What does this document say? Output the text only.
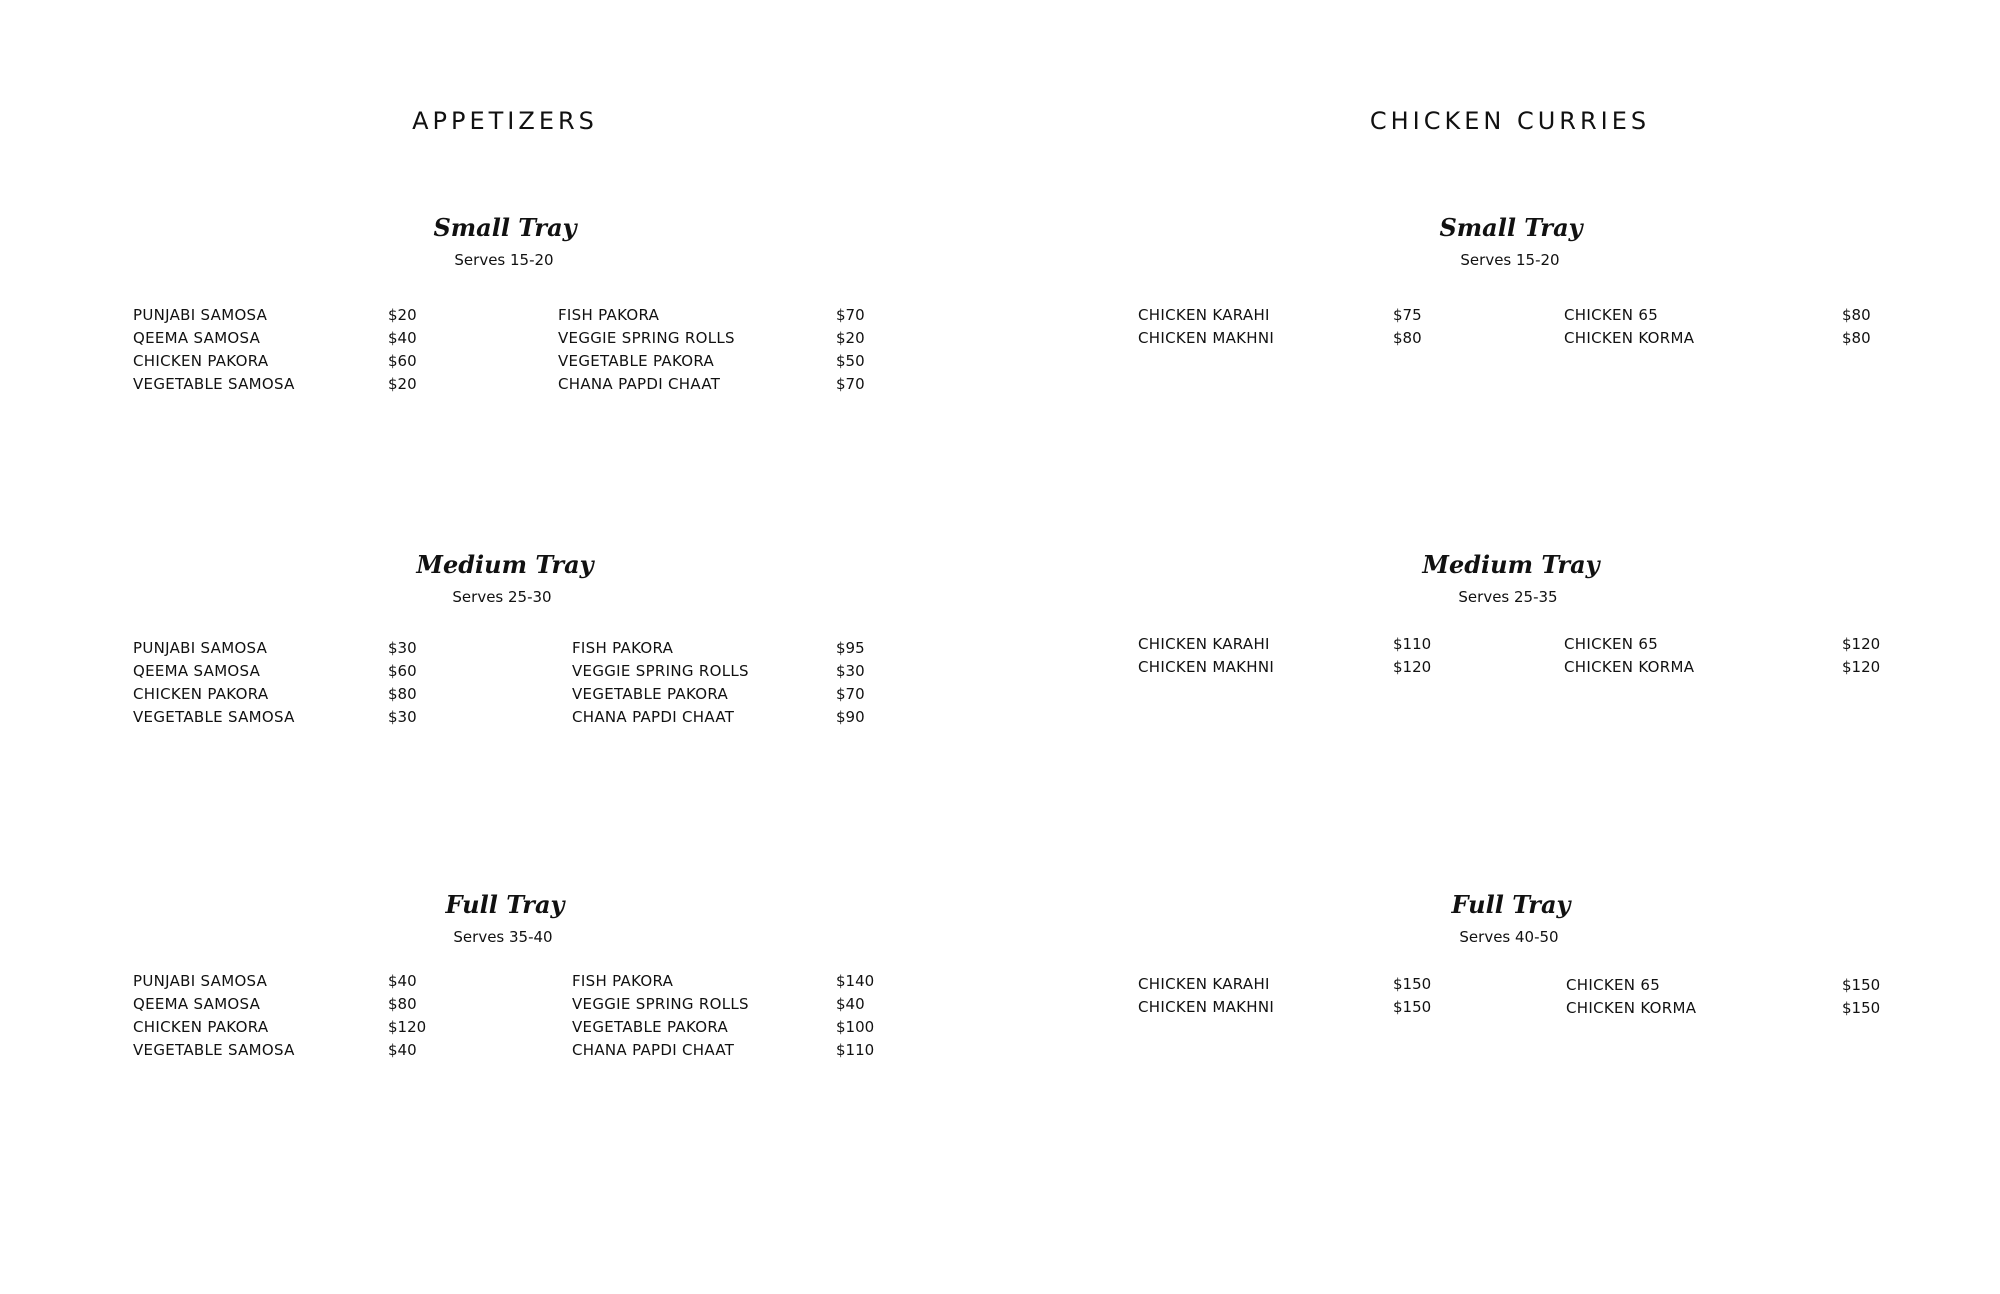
APPETIZERS
Small Tray

Serves 15-20

PUNJABI SAMOSA
QEEMA SAMOSA
CHICKEN PAKORA
VEGETABLE SAMOSA
$20
$40
$60
$20
FISH PAKORA
VEGGIE SPRING ROLLS
VEGETABLE PAKORA
CHANA PAPDI CHAAT
$70
$20
$50
$70
Medium Tray

Serves 25-30

PUNJABI SAMOSA
QEEMA SAMOSA
CHICKEN PAKORA
VEGETABLE SAMOSA
$30
$60
$80
$30
FISH PAKORA
VEGGIE SPRING ROLLS
VEGETABLE PAKORA
CHANA PAPDI CHAAT
$95
$30
$70
$90
Full Tray

Serves 35-40

PUNJABI SAMOSA
QEEMA SAMOSA
CHICKEN PAKORA
VEGETABLE SAMOSA
$40
$80
$120
$40
FISH PAKORA
VEGGIE SPRING ROLLS
VEGETABLE PAKORA
CHANA PAPDI CHAAT
$140
$40
$100
$110
CHICKEN CURRIES
Small Tray

Serves 15-20

CHICKEN KARAHI
CHICKEN MAKHNI
$75
$80
CHICKEN 65
CHICKEN KORMA
$80
$80
Medium Tray

Serves 25-35

CHICKEN KARAHI
CHICKEN MAKHNI
$110
$120
CHICKEN 65
CHICKEN KORMA
$120
$120
Full Tray

Serves 40-50

CHICKEN KARAHI
CHICKEN MAKHNI
$150
$150
CHICKEN 65
CHICKEN KORMA
$150
$150
